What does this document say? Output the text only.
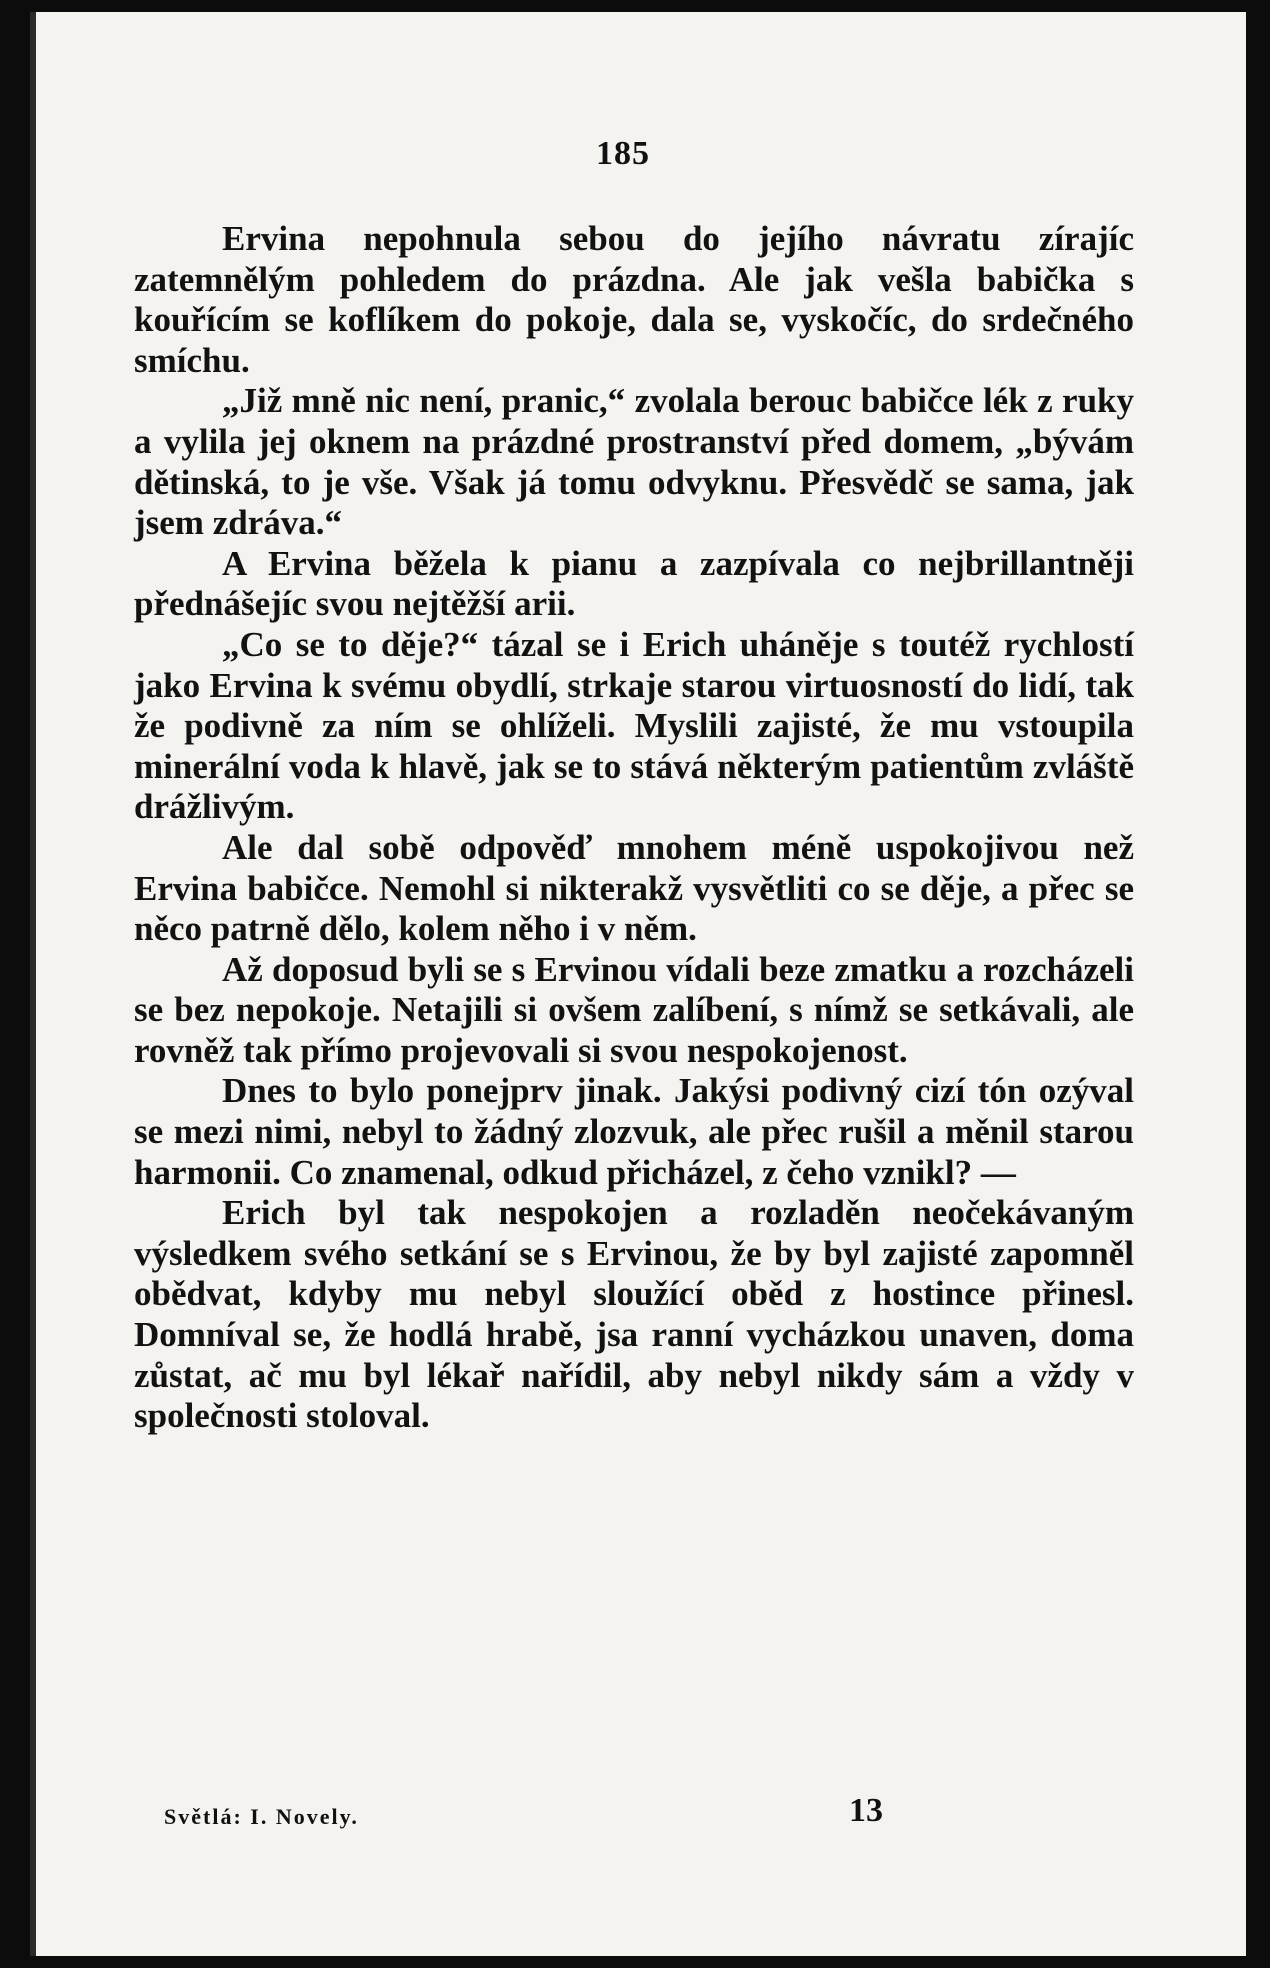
185

Ervina nepohnula sebou do jejího návratu zírajíc zatemnělým pohledem do prázdna. Ale jak vešla babička s kouřícím se koflíkem do pokoje, dala se, vyskočíc, do srdečného smíchu.

„Již mně nic není, pranic,“ zvolala berouc babičce lék z ruky a vylila jej oknem na prázdné prostranství před domem, „bývám dětinská, to je vše. Však já tomu odvyknu. Přesvědč se sama, jak jsem zdráva.“

A Ervina běžela k pianu a zazpívala co nejbrillantněji přednášejíc svou nejtěžší arii.

„Co se to děje?“ tázal se i Erich uháněje s toutéž rychlostí jako Ervina k svému obydlí, strkaje starou virtuosností do lidí, tak že podivně za ním se ohlíželi. Myslili zajisté, že mu vstoupila minerální voda k hlavě, jak se to stává některým patientům zvláště drážlivým.

Ale dal sobě odpověď mnohem méně uspokojivou než Ervina babičce. Nemohl si nikterakž vysvětliti co se děje, a přec se něco patrně dělo, kolem něho i v něm.

Až doposud byli se s Ervinou vídali beze zmatku a rozcházeli se bez nepokoje. Netajili si ovšem zalíbení, s nímž se setkávali, ale rovněž tak přímo projevovali si svou nespokojenost.

Dnes to bylo ponejprv jinak. Jakýsi podivný cizí tón ozýval se mezi nimi, nebyl to žádný zlozvuk, ale přec rušil a měnil starou harmonii. Co znamenal, odkud přicházel, z čeho vznikl? —

Erich byl tak nespokojen a rozladěn neočekávaným výsledkem svého setkání se s Ervinou, že by byl zajisté zapomněl obědvat, kdyby mu nebyl sloužící oběd z hostince přinesl. Domníval se, že hodlá hrabě, jsa ranní vycházkou unaven, doma zůstat, ač mu byl lékař nařídil, aby nebyl nikdy sám a vždy v společnosti stoloval.

Světlá: I. Novely.	13
